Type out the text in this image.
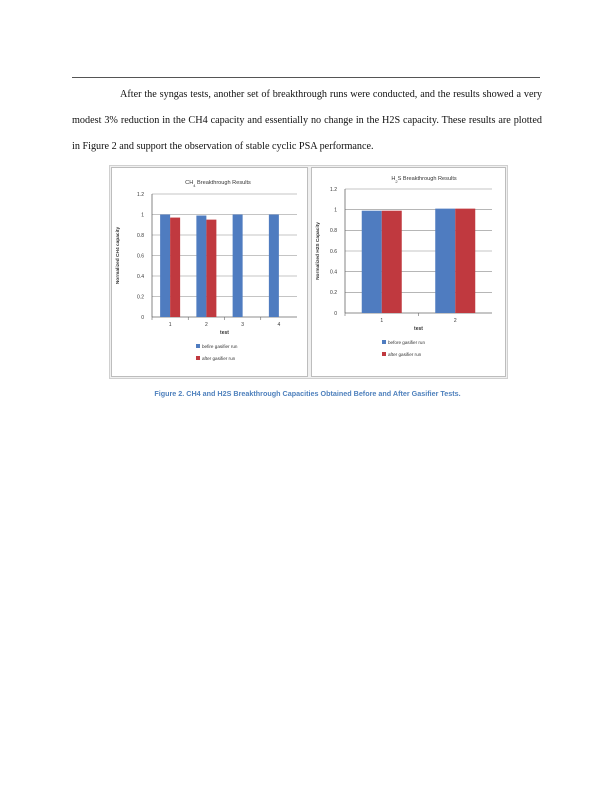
After the syngas tests, another set of breakthrough runs were conducted, and the results showed a very modest 3% reduction in the CH4 capacity and essentially no change in the H2S capacity. These results are plotted in Figure 2 and support the observation of stable cyclic PSA performance.

$CH_4$ Breakthrough Results
0
0.2
0.4
0.6
0.8
1
1.2
1	2	3	4
test
Normalized CH4 capacity
befire gasifier run
after gasifier run
$H_2S$ Breakthrough Results
0
0.2
0.4
0.6
0.8
1
1.2
1	2
test
Normalized H2S Capacity
before gasifier run
after gasifier run

Figure 2. CH4 and H2S Breakthrough Capacities Obtained Before and After Gasifier Tests.
